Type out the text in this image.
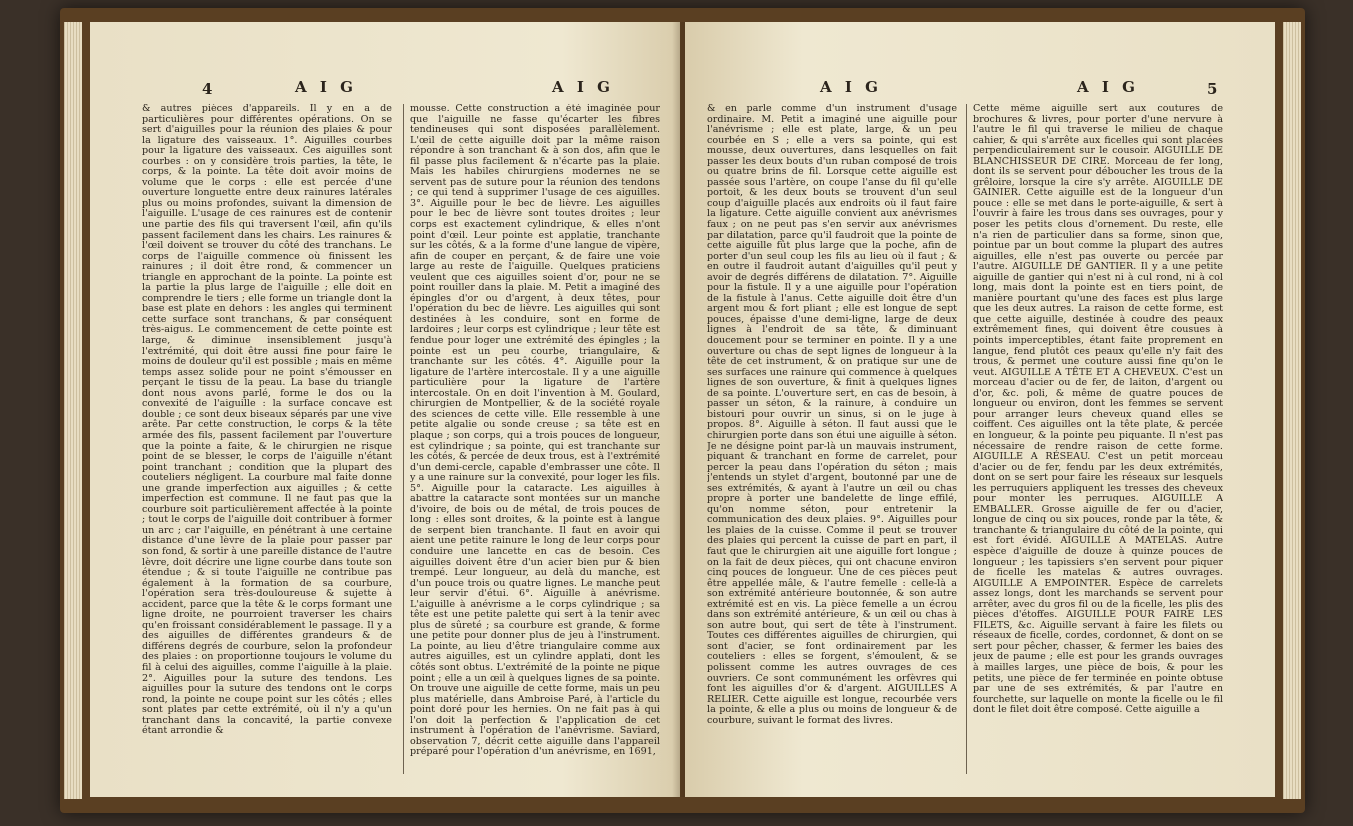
4	A I G	A I G
& autres pièces d'appareils. Il y en a de particulières pour différentes opérations. On se sert d'aiguilles pour la réunion des plaies & pour la ligature des vaisseaux. 1°. Aiguilles courbes pour la ligature des vaisseaux. Ces aiguilles sont courbes : on y considère trois parties, la tête, le corps, & la pointe. La tête doit avoir moins de volume que le corps : elle est percée d'une ouverture longuette entre deux rainures latérales plus ou moins profondes, suivant la dimension de l'aiguille. L'usage de ces rainures est de contenir une partie des fils qui traversent l'œil, afin qu'ils passent facilement dans les chairs. Les rainures & l'œil doivent se trouver du côté des tranchans. Le corps de l'aiguille commence où finissent les rainures ; il doit être rond, & commencer un triangle en approchant de la pointe. La pointe est la partie la plus large de l'aiguille ; elle doit en comprendre le tiers ; elle forme un triangle dont la base est plate en dehors : les angles qui terminent cette surface sont tranchans, & par conséquent très-aigus. Le commencement de cette pointe est large, & diminue insensiblement jusqu'à l'extrémité, qui doit être aussi fine pour faire le moins de douleur qu'il est possible ; mais en même temps assez solide pour ne point s'émousser en perçant le tissu de la peau. La base du triangle dont nous avons parlé, forme le dos ou la convexité de l'aiguille : la surface concave est double ; ce sont deux biseaux séparés par une vive arête. Par cette construction, le corps & la tête armée des fils, passent facilement par l'ouverture que la pointe a faite, & le chirurgien ne risque point de se blesser, le corps de l'aiguille n'étant point tranchant ; condition que la plupart des couteliers négligent. La courbure mal faite donne une grande imperfection aux aiguilles ; & cette imperfection est commune. Il ne faut pas que la courbure soit particulièrement affectée à la pointe ; tout le corps de l'aiguille doit contribuer à former un arc ; car l'aiguille, en pénétrant à une certaine distance d'une lèvre de la plaie pour passer par son fond, & sortir à une pareille distance de l'autre lèvre, doit décrire une ligne courbe dans toute son étendue ; & si toute l'aiguille ne contribue pas également à la formation de sa courbure, l'opération sera très-douloureuse & sujette à accident, parce que la tête & le corps formant une ligne droite, ne pourroient traverser les chairs qu'en froissant considérablement le passage. Il y a des aiguilles de différentes grandeurs & de différens degrés de courbure, selon la profondeur des plaies : on proportionne toujours le volume du fil à celui des aiguilles, comme l'aiguille à la plaie. 2°. Aiguilles pour la suture des tendons. Les aiguilles pour la suture des tendons ont le corps rond, la pointe ne coupe point sur les côtés ; elles sont plates par cette extrémité, où il n'y a qu'un tranchant dans la concavité, la partie convexe étant arrondie &
mousse. Cette construction a été imaginée pour que l'aiguille ne fasse qu'écarter les fibres tendineuses qui sont disposées parallèlement. L'œil de cette aiguille doit par la même raison répondre à son tranchant & à son dos, afin que le fil passe plus facilement & n'écarte pas la plaie. Mais les habiles chirurgiens modernes ne se servent pas de suture pour la réunion des tendons ; ce qui tend à supprimer l'usage de ces aiguilles. 3°. Aiguille pour le bec de lièvre. Les aiguilles pour le bec de lièvre sont toutes droites ; leur corps est exactement cylindrique, & elles n'ont point d'œil. Leur pointe est applatie, tranchante sur les côtés, & a la forme d'une langue de vipère, afin de couper en perçant, & de faire une voie large au reste de l'aiguille. Quelques praticiens veulent que ces aiguilles soient d'or, pour ne se point rouiller dans la plaie. M. Petit a imaginé des épingles d'or ou d'argent, à deux têtes, pour l'opération du bec de lièvre. Les aiguilles qui sont destinées à les conduire, sont en forme de lardoires ; leur corps est cylindrique ; leur tête est fendue pour loger une extrémité des épingles ; la pointe est un peu courbe, triangulaire, & tranchante sur les côtés. 4°. Aiguille pour la ligature de l'artère intercostale. Il y a une aiguille particulière pour la ligature de l'artère intercostale. On en doit l'invention à M. Goulard, chirurgien de Montpellier, & de la société royale des sciences de cette ville. Elle ressemble à une petite algalie ou sonde creuse ; sa tête est en plaque ; son corps, qui a trois pouces de longueur, est cylindrique ; sa pointe, qui est tranchante sur les côtés, & percée de deux trous, est à l'extrémité d'un demi-cercle, capable d'embrasser une côte. Il y a une rainure sur la convexité, pour loger les fils. 5°. Aiguille pour la cataracte. Les aiguilles à abattre la cataracte sont montées sur un manche d'ivoire, de bois ou de métal, de trois pouces de long : elles sont droites, & la pointe est à langue de serpent bien tranchante. Il faut en avoir qui aient une petite rainure le long de leur corps pour conduire une lancette en cas de besoin. Ces aiguilles doivent être d'un acier bien pur & bien trempé. Leur longueur, au delà du manche, est d'un pouce trois ou quatre lignes. Le manche peut leur servir d'étui. 6°. Aiguille à anévrisme. L'aiguille à anévrisme a le corps cylindrique ; sa tête est une petite palette qui sert à la tenir avec plus de sûreté ; sa courbure est grande, & forme une petite pour donner plus de jeu à l'instrument. La pointe, au lieu d'être triangulaire comme aux autres aiguilles, est un cylindre applati, dont les côtés sont obtus. L'extrémité de la pointe ne pique point ; elle a un œil à quelques lignes de sa pointe. On trouve une aiguille de cette forme, mais un peu plus matérielle, dans Ambroise Paré, à l'article du point doré pour les hernies. On ne fait pas à qui l'on doit la perfection & l'application de cet instrument à l'opération de l'anévrisme. Saviard, observation 7, décrit cette aiguille dans l'appareil préparé pour l'opération d'un anévrisme, en 1691,
A I G	A I G	5
& en parle comme d'un instrument d'usage ordinaire. M. Petit a imaginé une aiguille pour l'anévrisme ; elle est plate, large, & un peu courbée en S ; elle a vers sa pointe, qui est mousse, deux ouvertures, dans lesquelles on fait passer les deux bouts d'un ruban composé de trois ou quatre brins de fil. Lorsque cette aiguille est passée sous l'artère, on coupe l'anse du fil qu'elle portoit, & les deux bouts se trouvent d'un seul coup d'aiguille placés aux endroits où il faut faire la ligature. Cette aiguille convient aux anévrismes faux ; on ne peut pas s'en servir aux anévrismes par dilatation, parce qu'il faudroit que la pointe de cette aiguille fût plus large que la poche, afin de porter d'un seul coup les fils au lieu où il faut ; & en outre il faudroit autant d'aiguilles qu'il peut y avoir de degrés différens de dilatation. 7°. Aiguille pour la fistule. Il y a une aiguille pour l'opération de la fistule à l'anus. Cette aiguille doit être d'un argent mou & fort pliant ; elle est longue de sept pouces, épaisse d'une demi-ligne, large de deux lignes à l'endroit de sa tête, & diminuant doucement pour se terminer en pointe. Il y a une ouverture ou chas de sept lignes de longueur à la tête de cet instrument, & on pratique sur une de ses surfaces une rainure qui commence à quelques lignes de son ouverture, & finit à quelques lignes de sa pointe. L'ouverture sert, en cas de besoin, à passer un séton, & la rainure, à conduire un bistouri pour ouvrir un sinus, si on le juge à propos. 8°. Aiguille à séton. Il faut aussi que le chirurgien porte dans son étui une aiguille à séton. Je ne désigne point par-là un mauvais instrument, piquant & tranchant en forme de carrelet, pour percer la peau dans l'opération du séton ; mais j'entends un stylet d'argent, boutonné par une de ses extrémités, & ayant à l'autre un œil ou chas propre à porter une bandelette de linge effilé, qu'on nomme séton, pour entretenir la communication des deux plaies. 9°. Aiguilles pour les plaies de la cuisse. Comme il peut se trouver des plaies qui percent la cuisse de part en part, il faut que le chirurgien ait une aiguille fort longue ; on la fait de deux pièces, qui ont chacune environ cinq pouces de longueur. Une de ces pièces peut être appellée mâle, & l'autre femelle : celle-là a son extrémité antérieure boutonnée, & son autre extrémité est en vis. La pièce femelle a un écrou dans son extrémité antérieure, & un œil ou chas à son autre bout, qui sert de tête à l'instrument. Toutes ces différentes aiguilles de chirurgien, qui sont d'acier, se font ordinairement par les couteliers : elles se forgent, s'émoulent, & se polissent comme les autres ouvrages de ces ouvriers. Ce sont communément les orfèvres qui font les aiguilles d'or & d'argent. AIGUILLES A RELIER. Cette aiguille est longue, recourbée vers la pointe, & elle a plus ou moins de longueur & de courbure, suivant le format des livres.
Cette même aiguille sert aux coutures de brochures & livres, pour porter d'une nervure à l'autre le fil qui traverse le milieu de chaque cahier, & qui s'arrête aux ficelles qui sont placées perpendiculairement sur le cousoir. AIGUILLE DE BLANCHISSEUR DE CIRE. Morceau de fer long, dont ils se servent pour déboucher les trous de la grêloire, lorsque la cire s'y arrête. AIGUILLE DE GAINIER. Cette aiguille est de la longueur d'un pouce : elle se met dans le porte-aiguille, & sert à l'ouvrir à faire les trous dans ses ouvrages, pour y poser les petits clous d'ornement. Du reste, elle n'a rien de particulier dans sa forme, sinon que, pointue par un bout comme la plupart des autres aiguilles, elle n'est pas ouverte ou percée par l'autre. AIGUILLE DE GANTIER. Il y a une petite aiguille de gantier qui n'est ni à cul rond, ni à col long, mais dont la pointe est en tiers point, de manière pourtant qu'une des faces est plus large que les deux autres. La raison de cette forme, est que cette aiguille, destinée à coudre des peaux extrêmement fines, qui doivent être cousues à points imperceptibles, étant faite proprement en langue, fend plutôt ces peaux qu'elle n'y fait des trous, & permet une couture aussi fine qu'on le veut. AIGUILLE A TÊTE ET A CHEVEUX. C'est un morceau d'acier ou de fer, de laiton, d'argent ou d'or, &c. poli, & même de quatre pouces de longueur ou environ, dont les femmes se servent pour arranger leurs cheveux quand elles se coiffent. Ces aiguilles ont la tête plate, & percée en longueur, & la pointe peu piquante. Il n'est pas nécessaire de rendre raison de cette forme. AIGUILLE A RÉSEAU. C'est un petit morceau d'acier ou de fer, fendu par les deux extrémités, dont on se sert pour faire les réseaux sur lesquels les perruquiers appliquent les tresses des cheveux pour monter les perruques. AIGUILLE A EMBALLER. Grosse aiguille de fer ou d'acier, longue de cinq ou six pouces, ronde par la tête, & tranchante & triangulaire du côté de la pointe, qui est fort évidé. AIGUILLE A MATELAS. Autre espèce d'aiguille de douze à quinze pouces de longueur ; les tapissiers s'en servent pour piquer de ficelle les matelas & autres ouvrages. AIGUILLE A EMPOINTER. Espèce de carrelets assez longs, dont les marchands se servent pour arrêter, avec du gros fil ou de la ficelle, les plis des pièces d'étoffes. AIGUILLE POUR FAIRE LES FILETS, &c. Aiguille servant à faire les filets ou réseaux de ficelle, cordes, cordonnet, & dont on se sert pour pêcher, chasser, & fermer les baies des jeux de paume ; elle est pour les grands ouvrages à mailles larges, une pièce de bois, & pour les petits, une pièce de fer terminée en pointe obtuse par une de ses extrémités, & par l'autre en fourchette, sur laquelle on monte la ficelle ou le fil dont le filet doit être composé. Cette aiguille a
